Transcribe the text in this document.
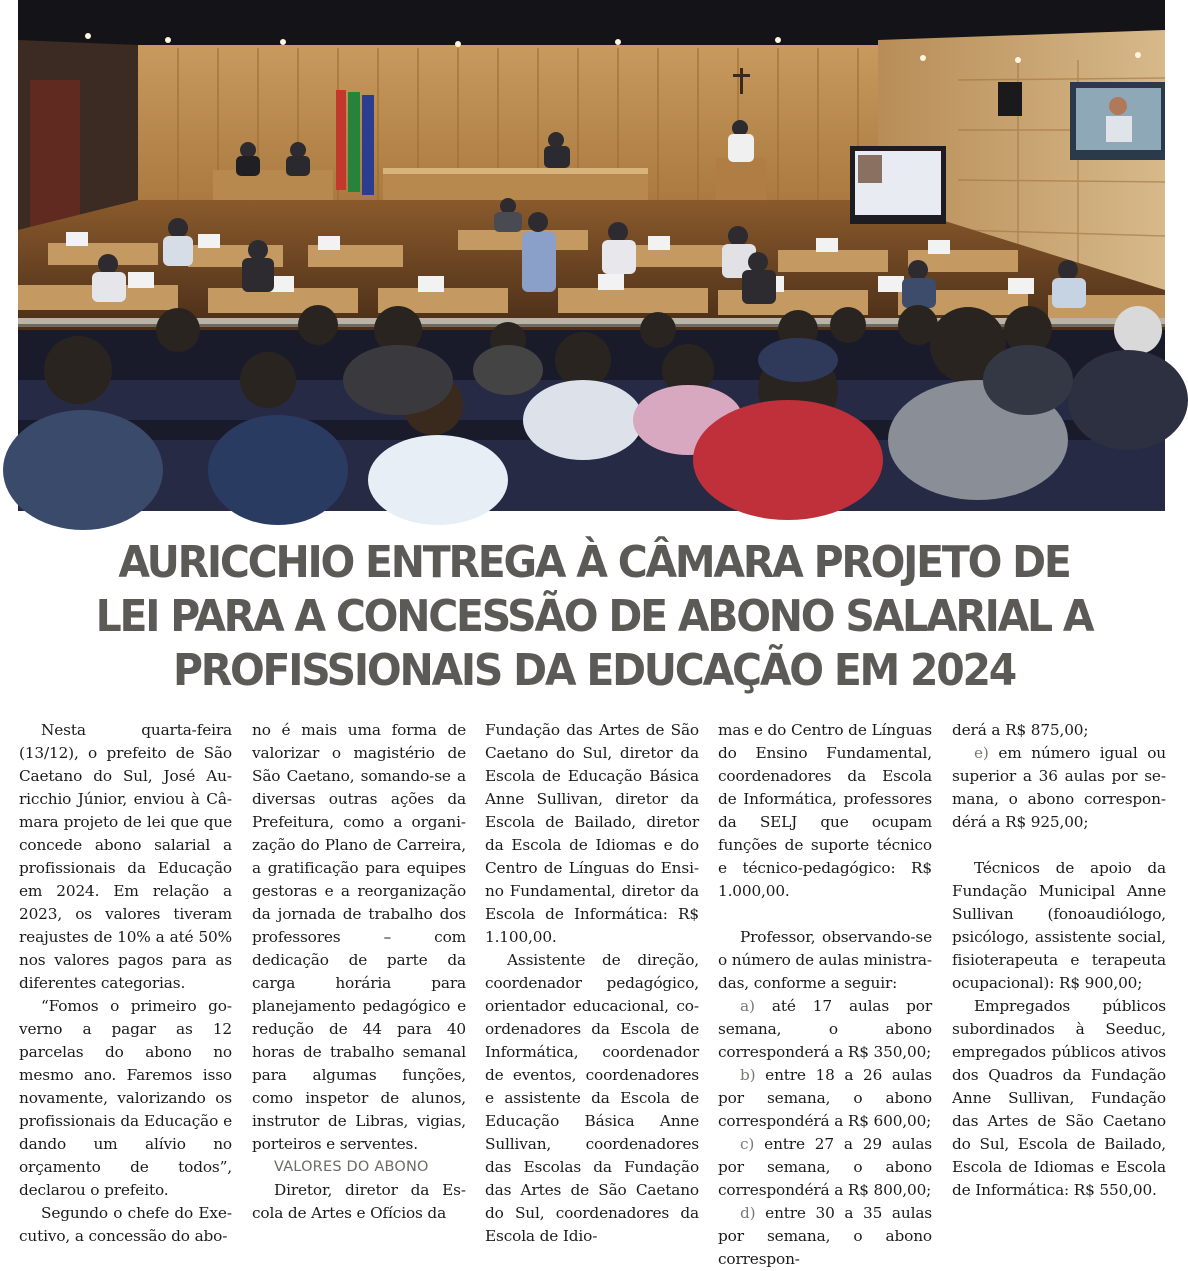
AURICCHIO ENTREGA À CÂMARA PROJETO DE
LEI PARA A CONCESSÃO DE ABONO SALARIAL A
PROFISSIONAIS DA EDUCAÇÃO EM 2024

Nesta quarta-feira (13/12), o prefeito de São Caetano do Sul, José Auricchio Júnior, enviou à Câmara projeto de lei que que concede abono salarial a profissionais da Educação em 2024. Em relação a 2023, os valores tiveram reajustes de 10% a até 50% nos valores pagos para as diferentes categorias.

“Fomos o primeiro governo a pagar as 12 parcelas do abono no mesmo ano. Faremos isso novamente, valorizando os profissionais da Educação e dando um alívio no orçamento de todos”, declarou o prefeito.

Segundo o chefe do Executivo, a concessão do abo-

no é mais uma forma de valorizar o magistério de São Caetano, somando-se a diversas outras ações da Prefeitura, como a organização do Plano de Carreira, a gratificação para equipes gestoras e a reorganização da jornada de trabalho dos professores – com dedicação de parte da carga horária para planejamento pedagógico e redução de 44 para 40 horas de trabalho semanal para algumas funções, como inspetor de alunos, instrutor de Libras, vigias, porteiros e serventes.

VALORES DO ABONO

Diretor, diretor da Escola de Artes e Ofícios da

Fundação das Artes de São Caetano do Sul, diretor da Escola de Educação Básica Anne Sullivan, diretor da Escola de Bailado, diretor da Escola de Idiomas e do Centro de Línguas do Ensino Fundamental, diretor da Escola de Informática: R$ 1.100,00.

Assistente de direção, coordenador pedagógico, orientador educacional, coordenadores da Escola de Informática, coordenador de eventos, coordenadores e assistente da Escola de Educação Básica Anne Sullivan, coordenadores das Escolas da Fundação das Artes de São Caetano do Sul, coordenadores da Escola de Idio-

mas e do Centro de Línguas do Ensino Fundamental, coordenadores da Escola de Informática, professores da SELJ que ocupam funções de suporte técnico e técnico-pedagógico: R$ 1.000,00.

Professor, observando-se o número de aulas ministradas, conforme a seguir:

a) até 17 aulas por semana, o abono corresponderá a R$ 350,00;

b) entre 18 a 26 aulas por semana, o abono correspondérá a R$ 600,00;

c) entre 27 a 29 aulas por semana, o abono correspondérá a R$ 800,00;

d) entre 30 a 35 aulas por semana, o abono correspon-

derá a R$ 875,00;

e) em número igual ou superior a 36 aulas por semana, o abono correspondérá a R$ 925,00;

Técnicos de apoio da Fundação Municipal Anne Sullivan (fonoaudiólogo, psicólogo, assistente social, fisioterapeuta e terapeuta ocupacional): R$ 900,00;

Empregados públicos subordinados à Seeduc, empregados públicos ativos dos Quadros da Fundação Anne Sullivan, Fundação das Artes de São Caetano do Sul, Escola de Bailado, Escola de Idiomas e Escola de Informática: R$ 550,00.
